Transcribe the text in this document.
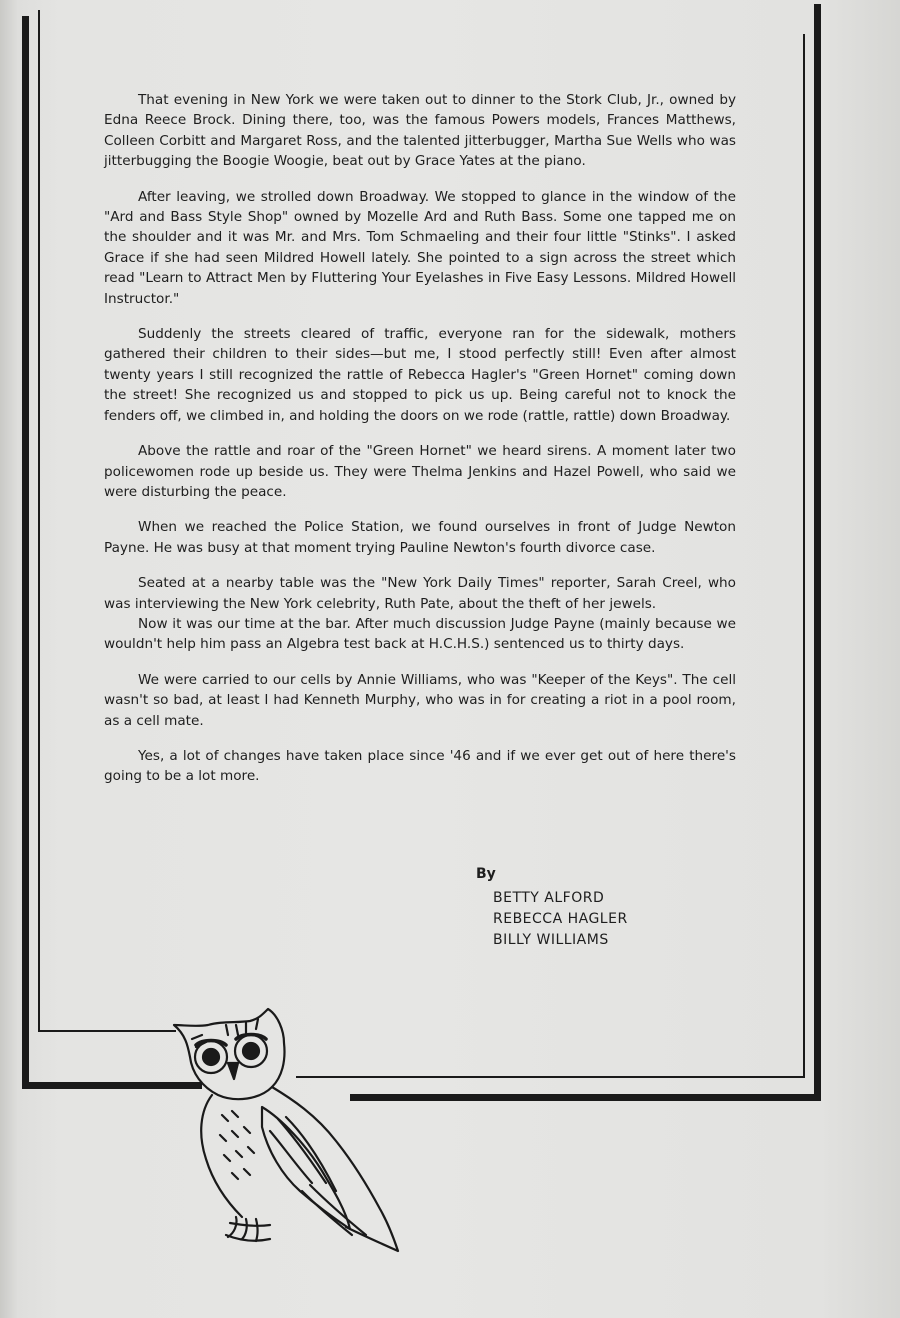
That evening in New York we were taken out to dinner to the Stork Club, Jr., owned by Edna Reece Brock. Dining there, too, was the famous Powers models, Frances Matthews, Colleen Corbitt and Margaret Ross, and the talented jitterbugger, Martha Sue Wells who was jitterbugging the Boogie Woogie, beat out by Grace Yates at the piano.

After leaving, we strolled down Broadway. We stopped to glance in the window of the "Ard and Bass Style Shop" owned by Mozelle Ard and Ruth Bass. Some one tapped me on the shoulder and it was Mr. and Mrs. Tom Schmaeling and their four little "Stinks". I asked Grace if she had seen Mildred Howell lately. She pointed to a sign across the street which read "Learn to Attract Men by Fluttering Your Eyelashes in Five Easy Lessons. Mildred Howell Instructor."

Suddenly the streets cleared of traffic, everyone ran for the sidewalk, mothers gathered their children to their sides—but me, I stood perfectly still! Even after almost twenty years I still recognized the rattle of Rebecca Hagler's "Green Hornet" coming down the street! She recognized us and stopped to pick us up. Being careful not to knock the fenders off, we climbed in, and holding the doors on we rode (rattle, rattle) down Broadway.

Above the rattle and roar of the "Green Hornet" we heard sirens. A moment later two policewomen rode up beside us. They were Thelma Jenkins and Hazel Powell, who said we were disturbing the peace.

When we reached the Police Station, we found ourselves in front of Judge Newton Payne. He was busy at that moment trying Pauline Newton's fourth divorce case.

Seated at a nearby table was the "New York Daily Times" reporter, Sarah Creel, who was interviewing the New York celebrity, Ruth Pate, about the theft of her jewels.

Now it was our time at the bar. After much discussion Judge Payne (mainly because we wouldn't help him pass an Algebra test back at H.C.H.S.) sentenced us to thirty days.

We were carried to our cells by Annie Williams, who was "Keeper of the Keys". The cell wasn't so bad, at least I had Kenneth Murphy, who was in for creating a riot in a pool room, as a cell mate.

Yes, a lot of changes have taken place since '46 and if we ever get out of here there's going to be a lot more.

By

BETTY ALFORD

REBECCA HAGLER

BILLY WILLIAMS
